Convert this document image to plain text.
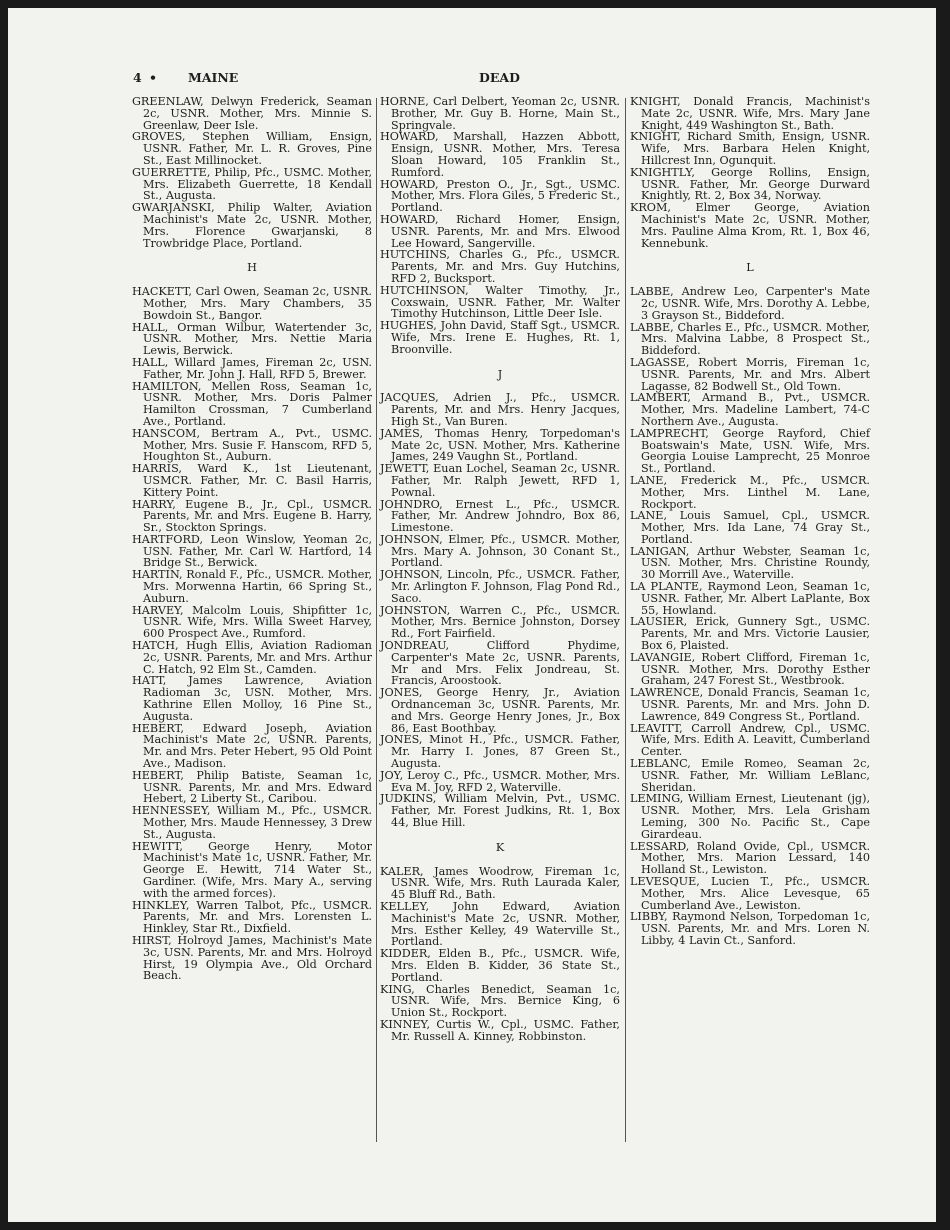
4 • MAINE	DEAD

GREENLAW, Delwyn Frederick, Seaman 2c, USNR. Mother, Mrs. Minnie S. Greenlaw, Deer Isle.

GROVES, Stephen William, Ensign, USNR. Father, Mr. L. R. Groves, Pine St., East Millinocket.

GUERRETTE, Philip, Pfc., USMC. Mother, Mrs. Elizabeth Guerrette, 18 Kendall St., Augusta.

GWARJANSKI, Philip Walter, Aviation Machinist's Mate 2c, USNR. Mother, Mrs. Florence Gwarjanski, 8 Trowbridge Place, Portland.

H

HACKETT, Carl Owen, Seaman 2c, USNR. Mother, Mrs. Mary Chambers, 35 Bowdoin St., Bangor.

HALL, Orman Wilbur, Watertender 3c, USNR. Mother, Mrs. Nettie Maria Lewis, Berwick.

HALL, Willard James, Fireman 2c, USN. Father, Mr. John J. Hall, RFD 5, Brewer.

HAMILTON, Mellen Ross, Seaman 1c, USNR. Mother, Mrs. Doris Palmer Hamilton Crossman, 7 Cumberland Ave., Portland.

HANSCOM, Bertram A., Pvt., USMC. Mother, Mrs. Susie F. Hanscom, RFD 5, Houghton St., Auburn.

HARRIS, Ward K., 1st Lieutenant, USMCR. Father, Mr. C. Basil Harris, Kittery Point.

HARRY, Eugene B., Jr., Cpl., USMCR. Parents, Mr. and Mrs. Eugene B. Harry, Sr., Stockton Springs.

HARTFORD, Leon Winslow, Yeoman 2c, USN. Father, Mr. Carl W. Hartford, 14 Bridge St., Berwick.

HARTIN, Ronald F., Pfc., USMCR. Mother, Mrs. Morwenna Hartin, 66 Spring St., Auburn.

HARVEY, Malcolm Louis, Shipfitter 1c, USNR. Wife, Mrs. Willa Sweet Harvey, 600 Prospect Ave., Rumford.

HATCH, Hugh Ellis, Aviation Radioman 2c, USNR. Parents, Mr. and Mrs. Arthur C. Hatch, 92 Elm St., Camden.

HATT, James Lawrence, Aviation Radioman 3c, USN. Mother, Mrs. Kathrine Ellen Molloy, 16 Pine St., Augusta.

HEBERT, Edward Joseph, Aviation Machinist's Mate 2c, USNR. Parents, Mr. and Mrs. Peter Hebert, 95 Old Point Ave., Madison.

HEBERT, Philip Batiste, Seaman 1c, USNR. Parents, Mr. and Mrs. Edward Hebert, 2 Liberty St., Caribou.

HENNESSEY, William M., Pfc., USMCR. Mother, Mrs. Maude Hennessey, 3 Drew St., Augusta.

HEWITT, George Henry, Motor Machinist's Mate 1c, USNR. Father, Mr. George E. Hewitt, 714 Water St., Gardiner. (Wife, Mrs. Mary A., serving with the armed forces).

HINKLEY, Warren Talbot, Pfc., USMCR. Parents, Mr. and Mrs. Lorensten L. Hinkley, Star Rt., Dixfield.

HIRST, Holroyd James, Machinist's Mate 3c, USN. Parents, Mr. and Mrs. Holroyd Hirst, 19 Olympia Ave., Old Orchard Beach.

HORNE, Carl Delbert, Yeoman 2c, USNR. Brother, Mr. Guy B. Horne, Main St., Springvale.

HOWARD, Marshall, Hazzen Abbott, Ensign, USNR. Mother, Mrs. Teresa Sloan Howard, 105 Franklin St., Rumford.

HOWARD, Preston O., Jr., Sgt., USMC. Mother, Mrs. Flora Giles, 5 Frederic St., Portland.

HOWARD, Richard Homer, Ensign, USNR. Parents, Mr. and Mrs. Elwood Lee Howard, Sangerville.

HUTCHINS, Charles G., Pfc., USMCR. Parents, Mr. and Mrs. Guy Hutchins, RFD 2, Bucksport.

HUTCHINSON, Walter Timothy, Jr., Coxswain, USNR. Father, Mr. Walter Timothy Hutchinson, Little Deer Isle.

HUGHES, John David, Staff Sgt., USMCR. Wife, Mrs. Irene E. Hughes, Rt. 1, Broonville.

J

JACQUES, Adrien J., Pfc., USMCR. Parents, Mr. and Mrs. Henry Jacques, High St., Van Buren.

JAMES, Thomas Henry, Torpedoman's Mate 2c, USN. Mother, Mrs. Katherine James, 249 Vaughn St., Portland.

JEWETT, Euan Lochel, Seaman 2c, USNR. Father, Mr. Ralph Jewett, RFD 1, Pownal.

JOHNDRO, Ernest L., Pfc., USMCR. Father, Mr. Andrew Johndro, Box 86, Limestone.

JOHNSON, Elmer, Pfc., USMCR. Mother, Mrs. Mary A. Johnson, 30 Conant St., Portland.

JOHNSON, Lincoln, Pfc., USMCR. Father, Mr. Arlington F. Johnson, Flag Pond Rd., Saco.

JOHNSTON, Warren C., Pfc., USMCR. Mother, Mrs. Bernice Johnston, Dorsey Rd., Fort Fairfield.

JONDREAU, Clifford Phydime, Carpenter's Mate 2c, USNR. Parents, Mr and Mrs. Felix Jondreau, St. Francis, Aroostook.

JONES, George Henry, Jr., Aviation Ordnanceman 3c, USNR. Parents, Mr. and Mrs. George Henry Jones, Jr., Box 86, East Boothbay.

JONES, Minot H., Pfc., USMCR. Father, Mr. Harry I. Jones, 87 Green St., Augusta.

JOY, Leroy C., Pfc., USMCR. Mother, Mrs. Eva M. Joy, RFD 2, Waterville.

JUDKINS, William Melvin, Pvt., USMC. Father, Mr. Forest Judkins, Rt. 1, Box 44, Blue Hill.

K

KALER, James Woodrow, Fireman 1c, USNR. Wife, Mrs. Ruth Laurada Kaler, 45 Bluff Rd., Bath.

KELLEY, John Edward, Aviation Machinist's Mate 2c, USNR. Mother, Mrs. Esther Kelley, 49 Waterville St., Portland.

KIDDER, Elden B., Pfc., USMCR. Wife, Mrs. Elden B. Kidder, 36 State St., Portland.

KING, Charles Benedict, Seaman 1c, USNR. Wife, Mrs. Bernice King, 6 Union St., Rockport.

KINNEY, Curtis W., Cpl., USMC. Father, Mr. Russell A. Kinney, Robbinston.

KNIGHT, Donald Francis, Machinist's Mate 2c, USNR. Wife, Mrs. Mary Jane Knight, 449 Washington St., Bath.

KNIGHT, Richard Smith, Ensign, USNR. Wife, Mrs. Barbara Helen Knight, Hillcrest Inn, Ogunquit.

KNIGHTLY, George Rollins, Ensign, USNR. Father, Mr. George Durward Knightly, Rt. 2, Box 34, Norway.

KROM, Elmer George, Aviation Machinist's Mate 2c, USNR. Mother, Mrs. Pauline Alma Krom, Rt. 1, Box 46, Kennebunk.

L

LABBE, Andrew Leo, Carpenter's Mate 2c, USNR. Wife, Mrs. Dorothy A. Lebbe, 3 Grayson St., Biddeford.

LABBE, Charles E., Pfc., USMCR. Mother, Mrs. Malvina Labbe, 8 Prospect St., Biddeford.

LAGASSE, Robert Morris, Fireman 1c, USNR. Parents, Mr. and Mrs. Albert Lagasse, 82 Bodwell St., Old Town.

LAMBERT, Armand B., Pvt., USMCR. Mother, Mrs. Madeline Lambert, 74-C Northern Ave., Augusta.

LAMPRECHT, George Rayford, Chief Boatswain's Mate, USN. Wife, Mrs. Georgia Louise Lamprecht, 25 Monroe St., Portland.

LANE, Frederick M., Pfc., USMCR. Mother, Mrs. Linthel M. Lane, Rockport.

LANE, Louis Samuel, Cpl., USMCR. Mother, Mrs. Ida Lane, 74 Gray St., Portland.

LANIGAN, Arthur Webster, Seaman 1c, USN. Mother, Mrs. Christine Roundy, 30 Morrill Ave., Waterville.

LA PLANTE, Raymond Leon, Seaman 1c, USNR. Father, Mr. Albert LaPlante, Box 55, Howland.

LAUSIER, Erick, Gunnery Sgt., USMC. Parents, Mr. and Mrs. Victorie Lausier, Box 6, Plaisted.

LAVANGIE, Robert Clifford, Fireman 1c, USNR. Mother, Mrs. Dorothy Esther Graham, 247 Forest St., Westbrook.

LAWRENCE, Donald Francis, Seaman 1c, USNR. Parents, Mr. and Mrs. John D. Lawrence, 849 Congress St., Portland.

LEAVITT, Carroll Andrew, Cpl., USMC. Wife, Mrs. Edith A. Leavitt, Cumberland Center.

LEBLANC, Emile Romeo, Seaman 2c, USNR. Father, Mr. William LeBlanc, Sheridan.

LEMING, William Ernest, Lieutenant (jg), USNR. Mother, Mrs. Lela Grisham Leming, 300 No. Pacific St., Cape Girardeau.

LESSARD, Roland Ovide, Cpl., USMCR. Mother, Mrs. Marion Lessard, 140 Holland St., Lewiston.

LEVESQUE, Lucien T., Pfc., USMCR. Mother, Mrs. Alice Levesque, 65 Cumberland Ave., Lewiston.

LIBBY, Raymond Nelson, Torpedoman 1c, USN. Parents, Mr. and Mrs. Loren N. Libby, 4 Lavin Ct., Sanford.
